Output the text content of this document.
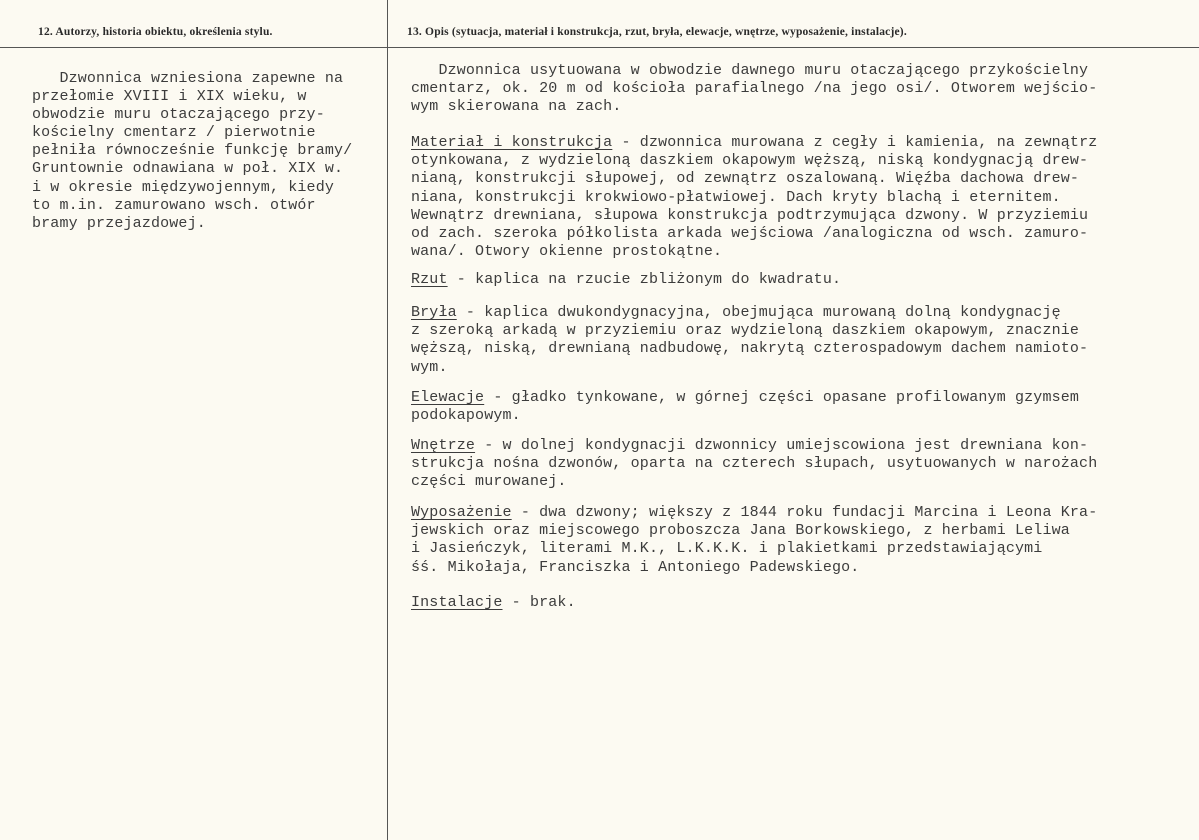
12. Autorzy, historia obiektu, określenia stylu.	13. Opis (sytuacja, materiał i konstrukcja, rzut, bryła, elewacje, wnętrze, wyposażenie, instalacje).
Dzwonnica wzniesiona zapewne na
przełomie XVIII i XIX wieku, w
obwodzie muru otaczającego przy-
kościelny cmentarz / pierwotnie
pełniła równocześnie funkcję bramy/
Gruntownie odnawiana w poł. XIX w.
i w okresie międzywojennym, kiedy
to m.in. zamurowano wsch. otwór
bramy przejazdowej.
Dzwonnica usytuowana w obwodzie dawnego muru otaczającego przykościelny
cmentarz, ok. 20 m od kościoła parafialnego /na jego osi/. Otworem wejścio-
wym skierowana na zach.
Materiał i konstrukcja - dzwonnica murowana z cegły i kamienia, na zewnątrz
otynkowana, z wydzieloną daszkiem okapowym węższą, niską kondygnacją drew-
nianą, konstrukcji słupowej, od zewnątrz oszalowaną. Więźba dachowa drew-
niana, konstrukcji krokwiowo-płatwiowej. Dach kryty blachą i eternitem.
Wewnątrz drewniana, słupowa konstrukcja podtrzymująca dzwony. W przyziemiu
od zach. szeroka półkolista arkada wejściowa /analogiczna od wsch. zamuro-
wana/. Otwory okienne prostokątne.
Rzut - kaplica na rzucie zbliżonym do kwadratu.
Bryła - kaplica dwukondygnacyjna, obejmująca murowaną dolną kondygnację
z szeroką arkadą w przyziemiu oraz wydzieloną daszkiem okapowym, znacznie
węższą, niską, drewnianą nadbudowę, nakrytą czterospadowym dachem namioto-
wym.
Elewacje - gładko tynkowane, w górnej części opasane profilowanym gzymsem
podokapowym.
Wnętrze - w dolnej kondygnacji dzwonnicy umiejscowiona jest drewniana kon-
strukcja nośna dzwonów, oparta na czterech słupach, usytuowanych w narożach
części murowanej.
Wyposażenie - dwa dzwony; większy z 1844 roku fundacji Marcina i Leona Kra-
jewskich oraz miejscowego proboszcza Jana Borkowskiego, z herbami Leliwa
i Jasieńczyk, literami M.K., L.K.K.K. i plakietkami przedstawiającymi
śś. Mikołaja, Franciszka i Antoniego Padewskiego.
Instalacje - brak.
